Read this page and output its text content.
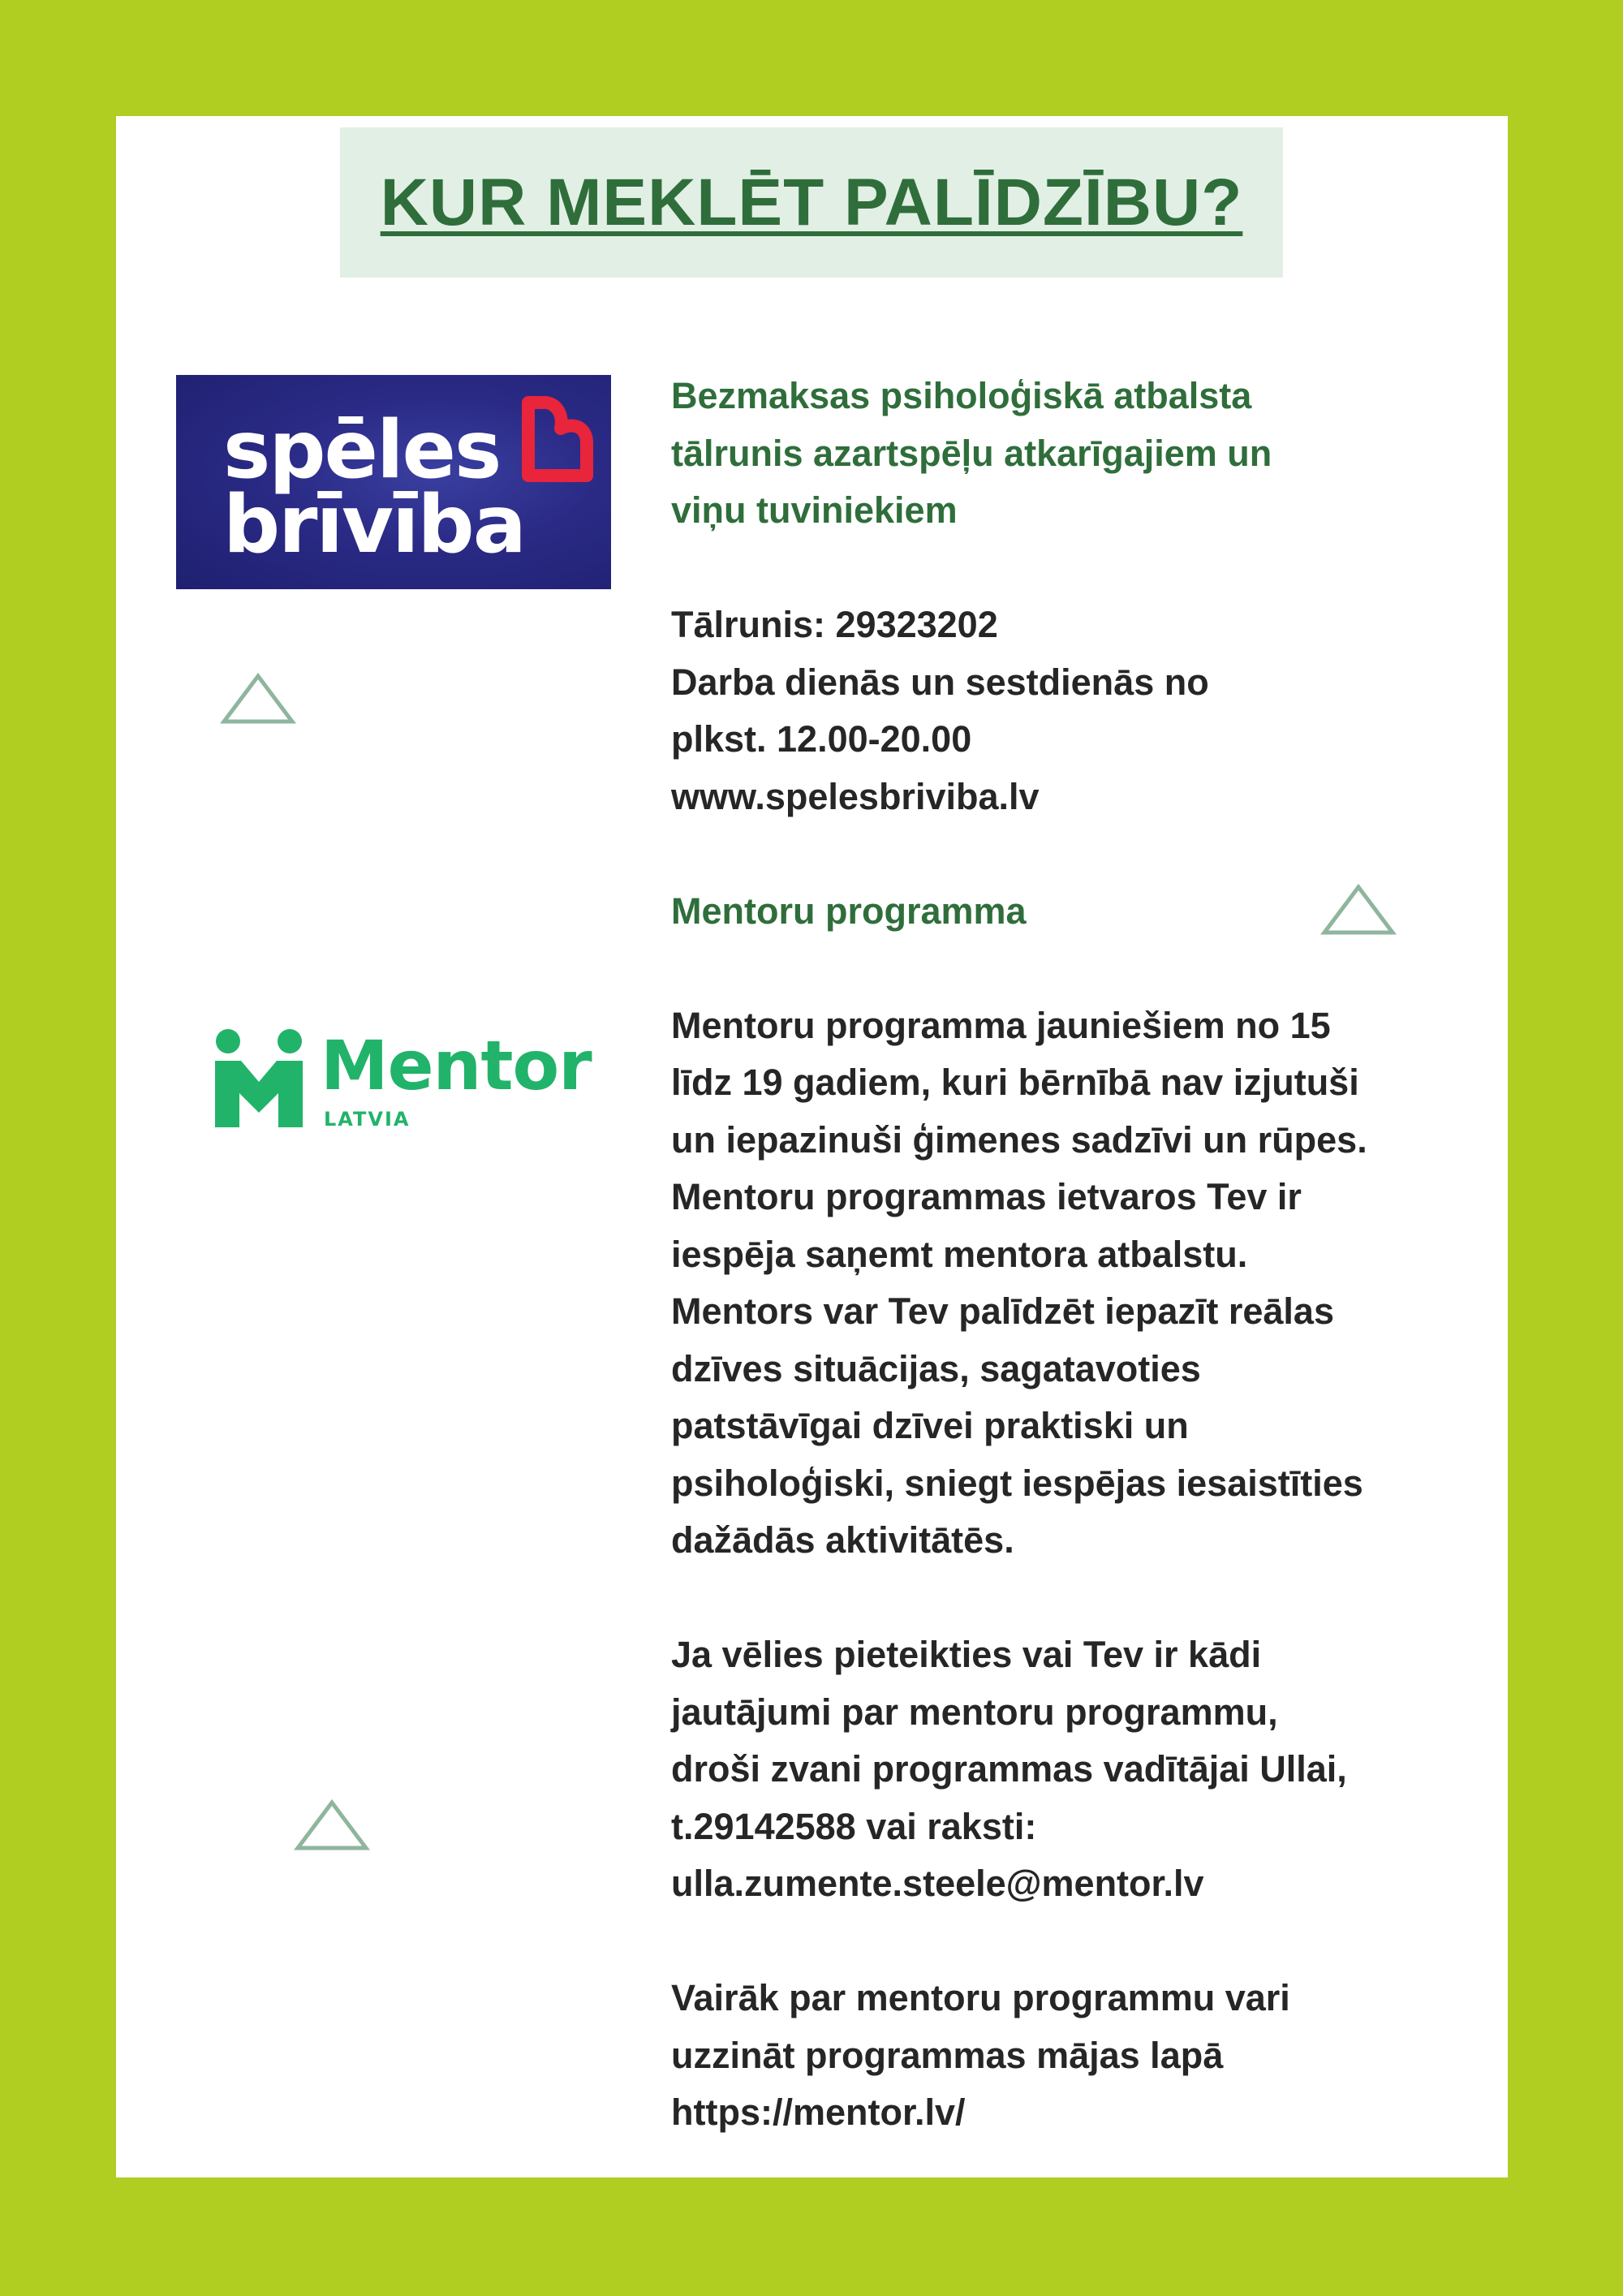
KUR MEKLĒT PALĪDZĪBU?
spēles
brīvība
Mentor
LATVIA

Bezmaksas psiholoģiskā atbalsta
tālrunis azartspēļu atkarīgajiem un
viņu tuviniekiem

Tālrunis: 29323202

Darba dienās un sestdienās no
plkst. 12.00-20.00

www.spelesbriviba.lv

Mentoru programma

Mentoru programma jauniešiem no 15
līdz 19 gadiem, kuri bērnībā nav izjutuši
un iepazinuši ģimenes sadzīvi un rūpes.
Mentoru programmas ietvaros Tev ir
iespēja saņemt mentora atbalstu.
Mentors var Tev palīdzēt iepazīt reālas
dzīves situācijas, sagatavoties
patstāvīgai dzīvei praktiski un
psiholoģiski, sniegt iespējas iesaistīties
dažādās aktivitātēs.

Ja vēlies pieteikties vai Tev ir kādi
jautājumi par mentoru programmu,
droši zvani programmas vadītājai Ullai,
t.29142588 vai raksti:
ulla.zumente.steele@mentor.lv

Vairāk par mentoru programmu vari
uzzināt programmas mājas lapā
https://mentor.lv/
